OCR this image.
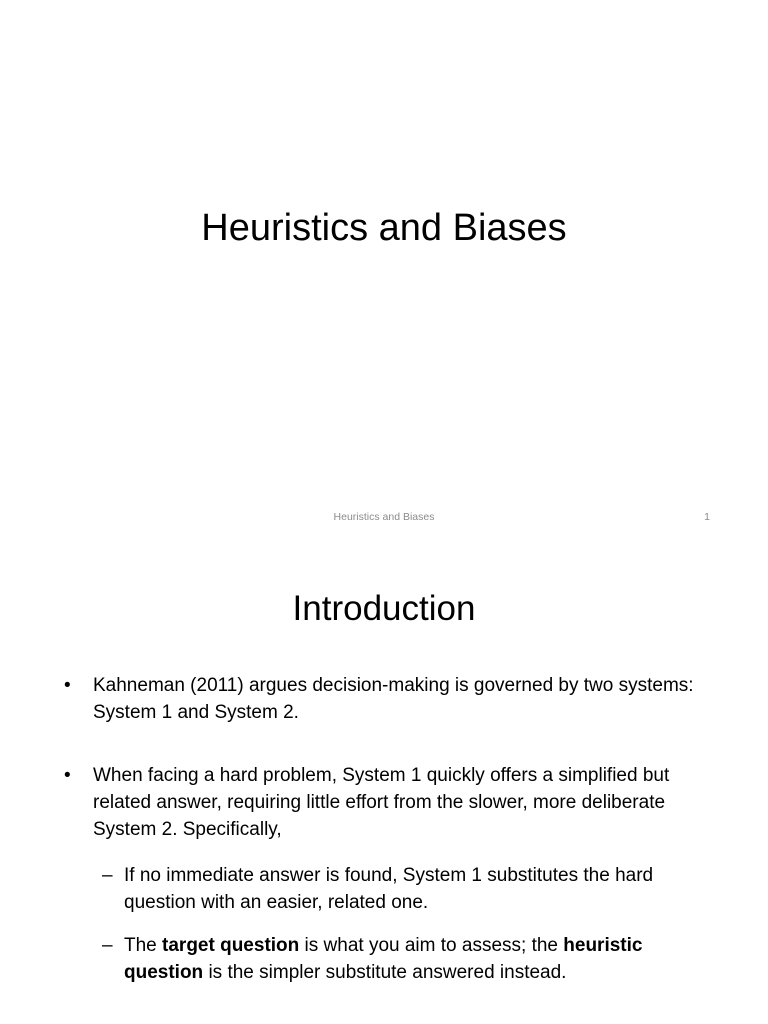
Heuristics and Biases
Heuristics and Biases	1
Introduction
• Kahneman (2011) argues decision-making is governed by two systems: System 1 and System 2.
• When facing a hard problem, System 1 quickly offers a simplified but related answer, requiring little effort from the slower, more deliberate System 2. Specifically,
– If no immediate answer is found, System 1 substitutes the hard question with an easier, related one.
– The target question is what you aim to assess; the heuristic question is the simpler substitute answered instead.
